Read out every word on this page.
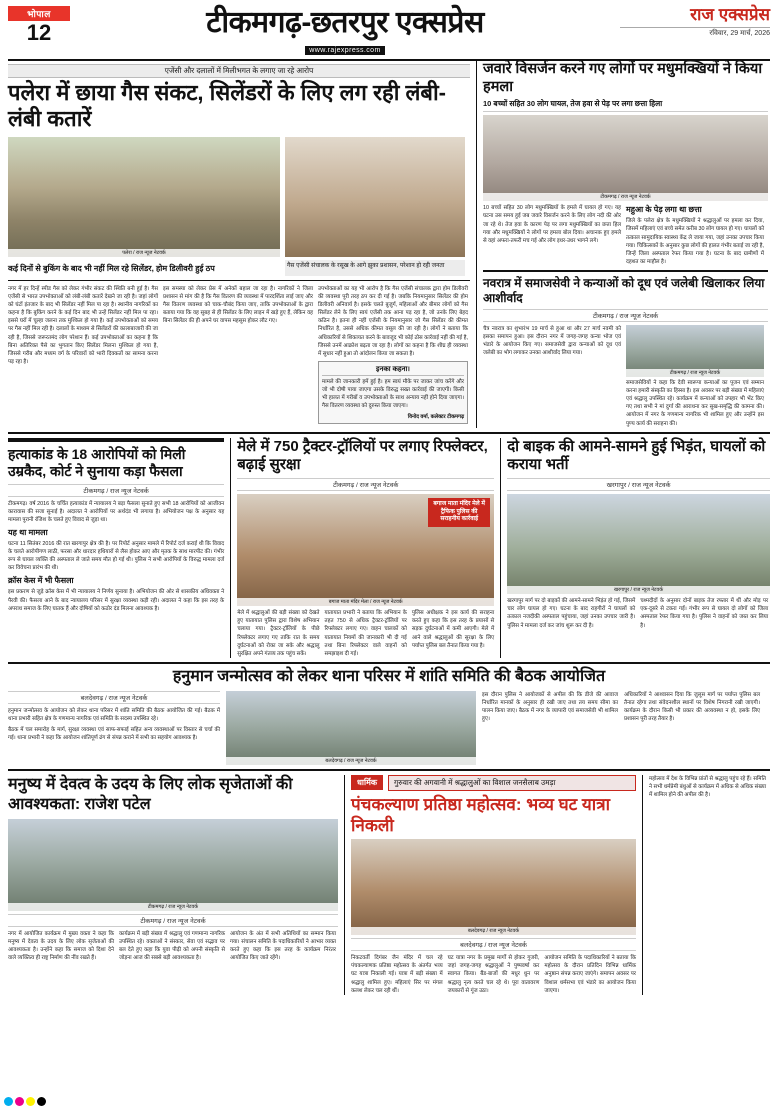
भोपाल
12	टीकमगढ़-छतरपुर एक्सप्रेस
www.rajexpress.com
राज एक्सप्रेस
रविवार, 29 मार्च, 2026
एजेंसी और दलालों में मिलीभगत के लगाए जा रहे आरोप
पलेरा में छाया गैस संकट, सिलेंडरों के लिए लग रही लंबी-लंबी कतारें
पलेरा / राज न्यूज नेटवर्क
कई दिनों से बुकिंग के बाद भी नहीं मिल रहे सिलेंडर, होम डिलीवरी हुई ठप	गैस एजेंसी संचालक के रसूख के आगे झुका प्रशासन, परेशान हो रही जनता
नगर में हर दिन्हें स्पीड गैस को लेकर गंभीर संकट की स्थिति बनी हुई है। गैस एजेंसी से भारत उपभोक्ताओं को लंबी-लंबी कतारें देखने जा रही है। जहां लोगों को घंटों इंतजार के बाद भी सिलेंडर नहीं मिल पा रहा है। स्थानीय नागरिकों का कहना है कि बुकिंग करने के कई दिन बाद भी उन्हें सिलेंडर नहीं मिल पा रहा। इससे घरों में चूल्हा जलना तक मुश्किल हो गया है। कई उपभोक्ताओं को समय पर गैस नहीं मिल रही है। दलालों के माध्यम से सिलेंडरों की कालाबाजारी की जा रही है, जिससे जरूरतमंद लोग परेशान हैं। कई उपभोक्ताओं का कहना है कि बिना अतिरिक्त पैसे का भुगतान किए सिलेंडर मिलना मुश्किल हो गया है, जिससे गरीब और मध्यम वर्ग के परिवारों को भारी दिक्कतों का सामना करना पड़ रहा है।
इस समस्या को लेकर प्रेस में अनेकों बहाल जा रहा है। नागरिकों ने जिला प्रशासन से मांग की है कि गैस वितरण की व्यवस्था में पारदर्शिता लाई जाए और गैस वितरण व्यवस्था को चाक-चौबंद किया जाए, ताकि उपभोक्ताओं के द्वारा बताया गया कि वह सुबह से ही सिलेंडर के लिए लाइन में खड़े हुए हैं, लेकिन वह बिना सिलेंडर की ही अपने घर वापस महसूस होकर लौट गए।
उपभोक्ताओं का यह भी आरोप है कि गैस एजेंसी संचालक द्वारा होम डिलीवरी की व्यवस्था पूरी तरह ठप कर दी गई है। जबकि नियमानुसार सिलेंडर की होम डिलीवरी अनिवार्य है। इसके चलते बुजुर्ग, महिलाओं और बीमार लोगों को गैस सिलेंडर लेने के लिए स्वयं एजेंसी तक आना पड़ रहा है, जो उनके लिए बेहद कठिन है। इतना ही नहीं एजेंसी के नियमानुसार जो गैस सिलेंडर की कीमत निर्धारित है, उससे अधिक कीमत वसूल की जा रही है। लोगों ने बताया कि अधिकारियों से शिकायत करने के बावजूद भी कोई ठोस कार्रवाई नहीं की गई है, जिससे उनमें आक्रोश बढ़ता जा रहा है। लोगों का कहना है कि शीघ्र ही व्यवस्था में सुधार नहीं हुआ तो आंदोलन किया जा सकता है।
इनका कहना।
मामले की जानकारी हमें हुई है। हम स्वयं मौके पर जाकर जांच करेंगे और जो भी दोषी पाया जाएगा उसके विरुद्ध सख्त कार्रवाई की जाएगी। किसी भी हालत में गरीबों व उपभोक्ताओं के साथ अन्याय नहीं होने दिया जाएगा। गैस वितरण व्यवस्था को दुरुस्त किया जाएगा।
विनोद वर्मा, कलेक्टर टीकमगढ़
जवारे विसर्जन करने गए लोगों पर मधुमक्खियों ने किया हमला
10 बच्चों सहित 30 लोग घायल, तेज हवा से पेड़ पर लगा छत्ता हिला
टीकमगढ़ / राज न्यूज नेटवर्क
10 बच्चों सहित 30 लोग मधुमक्खियों के हमले में घायल हो गए। यह घटना उस समय हुई जब जवारे विसर्जन करने के लिए लोग नदी की ओर जा रहे थे। तेज हवा के कारण पेड़ पर लगा मधुमक्खियों का छत्ता हिल गया और मधुमक्खियों ने लोगों पर हमला बोल दिया। अचानक हुए हमले से वहां अफरा-तफरी मच गई और लोग इधर-उधर भागने लगे।
महुआ के पेड़ लगा था छत्ता
जिले के पलेरा क्षेत्र के मधुमक्खियों ने श्रद्धालुओं पर हमला कर दिया, जिसमें महिलाएं एवं बच्चे समेत करीब 30 लोग घायल हो गए। घायलों को तत्काल सामुदायिक स्वास्थ्य केंद्र ले जाया गया, जहां उनका उपचार किया गया। चिकित्सकों के अनुसार कुछ लोगों की हालत गंभीर बताई जा रही है, जिन्हें जिला अस्पताल रेफर किया गया है। घटना के बाद ग्रामीणों में दहशत का माहौल है।
नवरात्र में समाजसेवी ने कन्याओं को दूध एवं जलेबी खिलाकर लिया आशीर्वाद
टीकमगढ़ / राज न्यूज नेटवर्क
चैत्र नवरात्र का शुभारंभ 19 मार्च से हुआ था और 27 मार्च नवमी को इसका समापन हुआ। इस दौरान नगर में जगह-जगह कन्या भोज एवं भंडारे के आयोजन किए गए। समाजसेवी द्वारा कन्याओं को दूध एवं जलेबी का भोग लगाकर उनका आशीर्वाद लिया गया।
टीकमगढ़ / राज न्यूज नेटवर्क
समाजसेवियों ने कहा कि देवी स्वरूपा कन्याओं का पूजन एवं सम्मान करना हमारी संस्कृति का हिस्सा है। इस अवसर पर बड़ी संख्या में महिलाएं एवं श्रद्धालु उपस्थित रहे। कार्यक्रम में कन्याओं को उपहार भी भेंट किए गए तथा सभी ने मां दुर्गा की आराधना कर सुख-समृद्धि की कामना की। आयोजन में नगर के गणमान्य नागरिक भी शामिल हुए और उन्होंने इस पुण्य कार्य की सराहना की।
हत्याकांड के 18 आरोपियों को मिली उम्रकैद, कोर्ट ने सुनाया कड़ा फैसला
टीकमगढ़ / राज न्यूज नेटवर्क
टीकमगढ़। वर्ष 2016 के चर्चित हत्याकांड में न्यायालय ने बड़ा फैसला सुनाते हुए सभी 18 आरोपियों को आजीवन कारावास की सजा सुनाई है। अदालत ने आरोपियों पर अर्थदंड भी लगाया है। अभियोजन पक्ष के अनुसार यह मामला पुरानी रंजिश के चलते हुए विवाद से जुड़ा था।
यह था मामला
घटना 11 सितंबर 2016 की रात खरगापुर क्षेत्र की है। पर रिपोर्ट अनुसार मामले में रिपोर्ट दर्ज कराई थी कि विवाद के चलते आरोपीगण लाठी, फरसा और धारदार हथियारों से लैस होकर आए और मृतक के साथ मारपीट की। गंभीर रूप से घायल व्यक्ति की अस्पताल ले जाते समय मौत हो गई थी। पुलिस ने सभी आरोपियों के विरुद्ध मामला दर्ज कर विवेचना प्रारंभ की थी।
क्रॉस केस में भी फैसला
इस प्रकरण से जुड़े क्रॉस केस में भी न्यायालय ने निर्णय सुनाया है। अभियोजन की ओर से शासकीय अधिवक्ता ने पैरवी की। फैसला आने के बाद न्यायालय परिसर में सुरक्षा व्यवस्था कड़ी रही। अदालत ने कहा कि इस तरह के अपराध समाज के लिए घातक हैं और दोषियों को कठोर दंड मिलना आवश्यक है।
मेले में 750 ट्रैक्टर-ट्रॉलियों पर लगाए रिफ्लेक्टर, बढ़ाई सुरक्षा
टीकमगढ़ / राज न्यूज नेटवर्क
बगाज माता मंदिर मेले में ट्रैफिक पुलिस की सराहनीय कार्रवाई
बगाज माता मंदिर मेला / राज न्यूज नेटवर्क
मेले में श्रद्धालुओं की बड़ी संख्या को देखते हुए यातायात पुलिस द्वारा विशेष अभियान चलाया गया। ट्रैक्टर-ट्रॉलियों के पीछे रिफ्लेक्टर लगाए गए ताकि रात के समय दुर्घटनाओं को रोका जा सके और श्रद्धालु सुरक्षित अपने गंतव्य तक पहुंच सकें।
यातायात प्रभारी ने बताया कि अभियान के तहत 750 से अधिक ट्रैक्टर-ट्रॉलियों पर रिफ्लेक्टर लगाए गए। वाहन चालकों को यातायात नियमों की जानकारी भी दी गई तथा बिना रिफ्लेक्टर वाले वाहनों को समझाइश दी गई।
पुलिस अधीक्षक ने इस कार्य की सराहना करते हुए कहा कि इस तरह के प्रयासों से सड़क दुर्घटनाओं में कमी आएगी। मेले में आने वाले श्रद्धालुओं की सुरक्षा के लिए पर्याप्त पुलिस बल तैनात किया गया है।
दो बाइक की आमने-सामने हुई भिड़ंत, घायलों को कराया भर्ती
खरगापुर / राज न्यूज नेटवर्क
खरगापुर / राज न्यूज नेटवर्क
खरगापुर मार्ग पर दो बाइकों की आमने-सामने भिड़ंत हो गई, जिसमें चार लोग घायल हो गए। घटना के बाद राहगीरों ने घायलों को तत्काल नजदीकी अस्पताल पहुंचाया, जहां उनका उपचार जारी है। पुलिस ने मामला दर्ज कर जांच शुरू कर दी है।
चश्मदीदों के अनुसार दोनों बाइक तेज रफ्तार में थीं और मोड़ पर एक-दूसरे से टकरा गईं। गंभीर रूप से घायल दो लोगों को जिला अस्पताल रेफर किया गया है। पुलिस ने वाहनों को जब्त कर लिया है।
हनुमान जन्मोत्सव को लेकर थाना परिसर में शांति समिति की बैठक आयोजित
बलदेवगढ़ / राज न्यूज नेटवर्क
हनुमान जन्मोत्सव के आयोजन को लेकर थाना परिसर में शांति समिति की बैठक आयोजित की गई। बैठक में थाना प्रभारी सहित क्षेत्र के गणमान्य नागरिक एवं समिति के सदस्य उपस्थित रहे।
बैठक में चल समारोह के मार्ग, सुरक्षा व्यवस्था एवं साफ-सफाई सहित अन्य व्यवस्थाओं पर विस्तार से चर्चा की गई। थाना प्रभारी ने कहा कि आयोजन शांतिपूर्ण ढंग से संपन्न कराने में सभी का सहयोग आवश्यक है।
बलदेवगढ़ / राज न्यूज नेटवर्क
इस दौरान पुलिस ने आयोजकों से अपील की कि डीजे की आवाज निर्धारित मानकों के अनुसार ही रखी जाए तथा तय समय सीमा का पालन किया जाए। बैठक में नगर के व्यापारी एवं समाजसेवी भी शामिल हुए।
अधिकारियों ने आश्वासन दिया कि जुलूस मार्ग पर पर्याप्त पुलिस बल तैनात रहेगा तथा संवेदनशील स्थानों पर विशेष निगरानी रखी जाएगी। कार्यक्रम के दौरान किसी भी प्रकार की अव्यवस्था न हो, इसके लिए प्रशासन पूरी तरह तैयार है।
मनुष्य में देवत्व के उदय के लिए लोक सृजेताओं की आवश्यकता: राजेश पटेल
टीकमगढ़ / राज न्यूज नेटवर्क
टीकमगढ़ / राज न्यूज नेटवर्क
नगर में आयोजित कार्यक्रम में मुख्य वक्ता ने कहा कि मनुष्य में देवत्व के उदय के लिए लोक सृजेताओं की आवश्यकता है। उन्होंने कहा कि समाज को दिशा देने वाले व्यक्तित्व ही राष्ट्र निर्माण की नींव रखते हैं।
कार्यक्रम में बड़ी संख्या में श्रद्धालु एवं गणमान्य नागरिक उपस्थित रहे। वक्ताओं ने संस्कार, सेवा एवं सद्भाव पर बल देते हुए कहा कि युवा पीढ़ी को अपनी संस्कृति से जोड़ना आज की सबसे बड़ी आवश्यकता है।
आयोजन के अंत में सभी अतिथियों का सम्मान किया गया। संचालन समिति के पदाधिकारियों ने आभार व्यक्त करते हुए कहा कि इस तरह के कार्यक्रम निरंतर आयोजित किए जाते रहेंगे।
धार्मिक	गुरुवार की अगवानी में श्रद्धालुओं का विशाल जनसैलाब उमड़ा
पंचकल्याण प्रतिष्ठा महोत्सव: भव्य घट यात्रा निकली
बलदेवगढ़ / राज न्यूज नेटवर्क
बलदेवगढ़ / राज न्यूज नेटवर्क
निकटवर्ती दिगंबर जैन मंदिर में चल रहे पंचकल्याणक प्रतिष्ठा महोत्सव के अंतर्गत भव्य घट यात्रा निकाली गई। यात्रा में बड़ी संख्या में श्रद्धालु शामिल हुए। महिलाएं सिर पर मंगल कलश लेकर चल रही थीं।
घट यात्रा नगर के प्रमुख मार्गों से होकर गुजरी, जहां जगह-जगह श्रद्धालुओं ने पुष्पवर्षा कर स्वागत किया। बैंड-बाजों की मधुर धुन पर श्रद्धालु नृत्य करते चल रहे थे। पूरा वातावरण जयकारों से गूंज उठा।
आयोजन समिति के पदाधिकारियों ने बताया कि महोत्सव के दौरान प्रतिदिन विभिन्न धार्मिक अनुष्ठान संपन्न कराए जाएंगे। समापन अवसर पर विशाल धर्मसभा एवं भंडारे का आयोजन किया जाएगा।
महोत्सव में देश के विभिन्न प्रांतों से श्रद्धालु पहुंच रहे हैं। समिति ने सभी धर्मप्रेमी बंधुओं से कार्यक्रम में अधिक से अधिक संख्या में शामिल होने की अपील की है।
